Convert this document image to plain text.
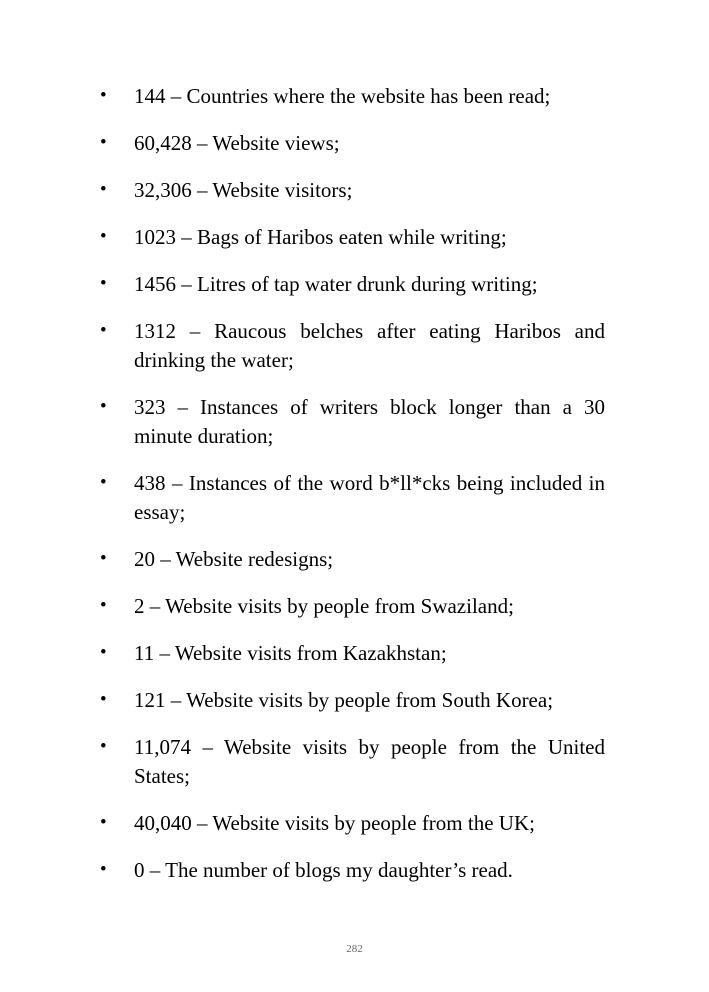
• 144 – Countries where the website has been read;
• 60,428 – Website views;
• 32,306 – Website visitors;
• 1023 – Bags of Haribos eaten while writing;
• 1456 – Litres of tap water drunk during writing;
• 1312 – Raucous belches after eating Haribos and drinking the water;
• 323 – Instances of writers block longer than a 30 minute duration;
• 438 – Instances of the word b*ll*cks being included in essay;
• 20 – Website redesigns;
• 2 – Website visits by people from Swaziland;
• 11 – Website visits from Kazakhstan;
• 121 – Website visits by people from South Korea;
• 11,074 – Website visits by people from the United States;
• 40,040 – Website visits by people from the UK;
• 0 – The number of blogs my daughter’s read.
282
